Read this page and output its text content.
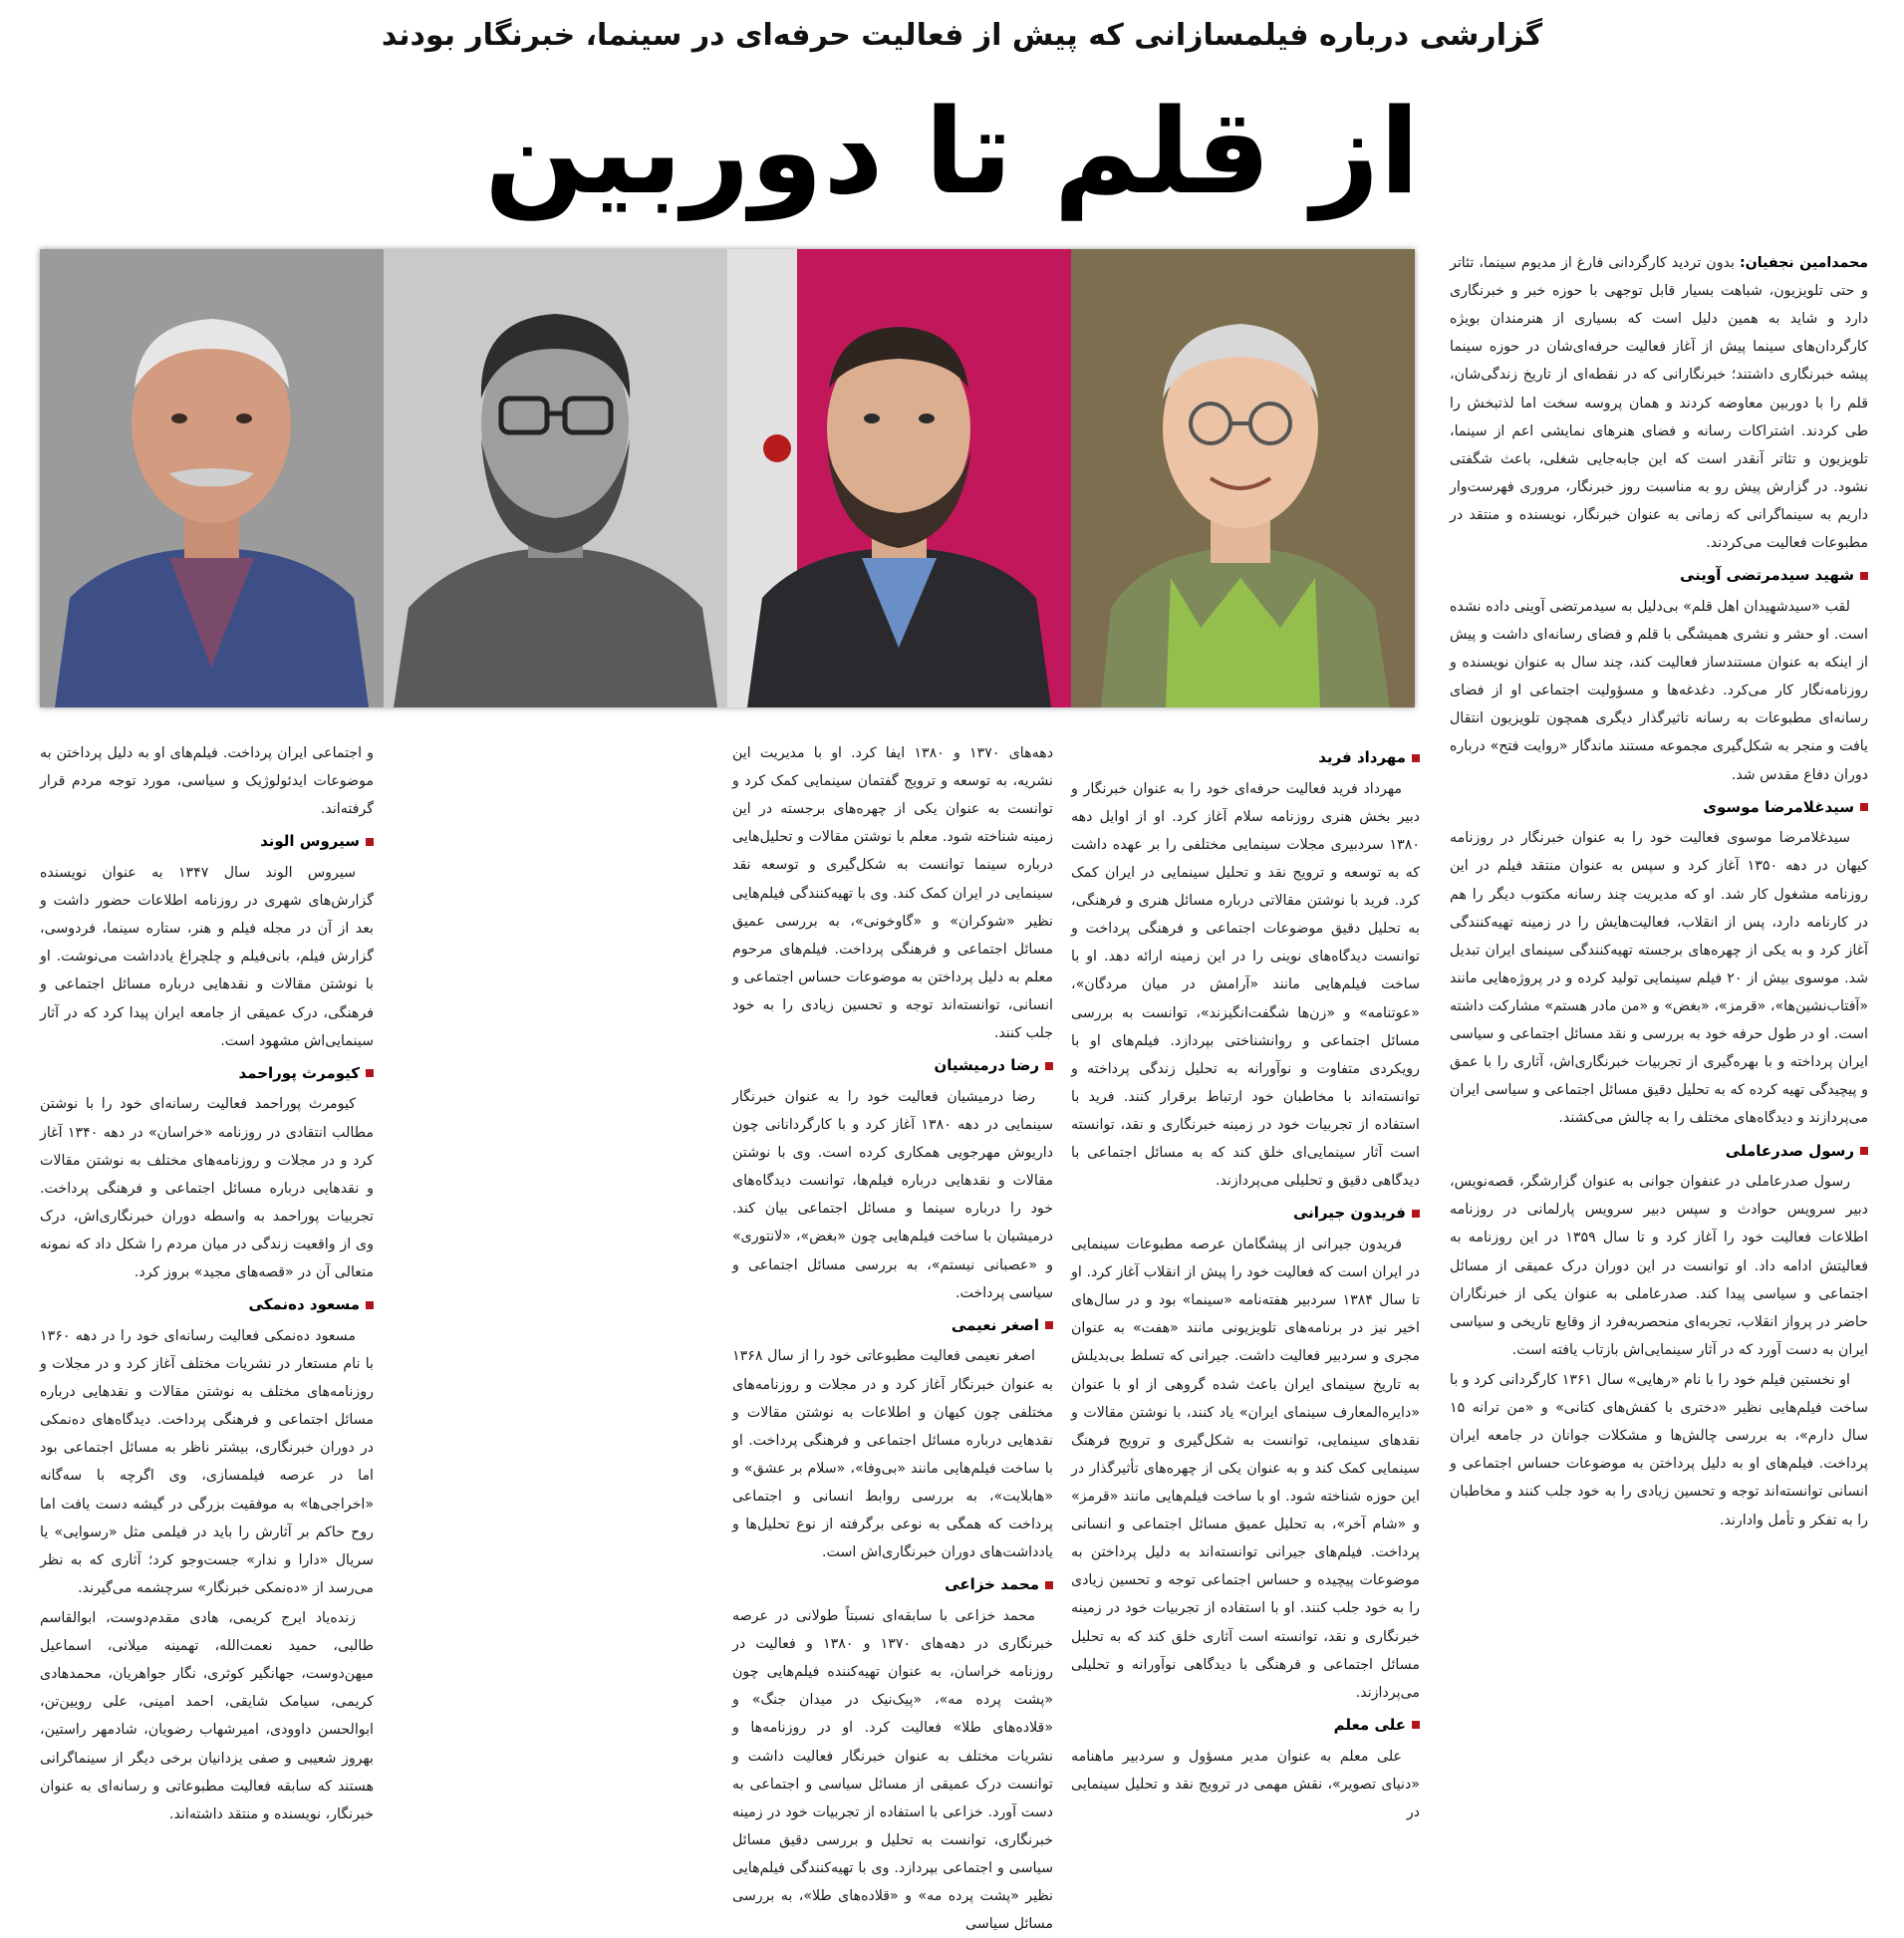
گزارشی درباره فیلمسازانی که پیش از فعالیت حرفه‌ای در سینما، خبرنگار بودند
از قلم تا دوربین

محمدامین نجفیان: بدون تردید کارگردانی فارغ از مدیوم سینما، تئاتر و حتی تلویزیون، شباهت بسیار قابل توجهی با حوزه خبر و خبرنگاری دارد و شاید به همین دلیل است که بسیاری از هنرمندان بویژه کارگردان‌های سینما پیش از آغاز فعالیت حرفه‌ای‌شان در حوزه سینما پیشه خبرنگاری داشتند؛ خبرنگارانی که در نقطه‌ای از تاریخ زندگی‌شان، قلم را با دوربین معاوضه کردند و همان پروسه سخت اما لذتبخش را طی کردند. اشتراکات رسانه و فضای هنرهای نمایشی اعم از سینما، تلویزیون و تئاتر آنقدر است که این جابه‌جایی شغلی، باعث شگفتی نشود. در گزارش پیش رو به مناسبت روز خبرنگار، مروری فهرست‌وار داریم به سینماگرانی که زمانی به عنوان خبرنگار، نویسنده و منتقد در مطبوعات فعالیت می‌کردند.

شهید سیدمرتضی آوینی

لقب «سیدشهیدان اهل قلم» بی‌دلیل به سیدمرتضی آوینی داده نشده است. او حشر و نشری همیشگی با قلم و فضای رسانه‌ای داشت و پیش از اینکه به عنوان مستندساز فعالیت کند، چند سال به عنوان نویسنده و روزنامه‌نگار کار می‌کرد. دغدغه‌ها و مسؤولیت اجتماعی او از فضای رسانه‌ای مطبوعات به رسانه تاثیرگذار دیگری همچون تلویزیون انتقال یافت و منجر به شکل‌گیری مجموعه مستند ماندگار «روایت فتح» درباره دوران دفاع مقدس شد.

سیدغلامرضا موسوی

سیدغلامرضا موسوی فعالیت خود را به عنوان خبرنگار در روزنامه کیهان در دهه ۱۳۵۰ آغاز کرد و سپس به عنوان منتقد فیلم در این روزنامه مشغول کار شد. او که مدیریت چند رسانه مکتوب دیگر را هم در کارنامه دارد، پس از انقلاب، فعالیت‌هایش را در زمینه تهیه‌کنندگی آغاز کرد و به یکی از چهره‌های برجسته تهیه‌کنندگی سینمای ایران تبدیل شد. موسوی بیش از ۲۰ فیلم سینمایی تولید کرده و در پروژه‌هایی مانند «آفتاب‌نشین‌ها»، «قرمز»، «بغض» و «من مادر هستم» مشارکت داشته است. او در طول حرفه خود به بررسی و نقد مسائل اجتماعی و سیاسی ایران پرداخته و با بهره‌گیری از تجربیات خبرنگاری‌اش، آثاری را با عمق و پیچیدگی تهیه کرده که به تحلیل دقیق مسائل اجتماعی و سیاسی ایران می‌پردازند و دیدگاه‌های مختلف را به چالش می‌کشند.

رسول صدرعاملی

رسول صدرعاملی در عنفوان جوانی به عنوان گزارشگر، قصه‌نویس، دبیر سرویس حوادث و سپس دبیر سرویس پارلمانی در روزنامه اطلاعات فعالیت خود را آغاز کرد و تا سال ۱۳۵۹ در این روزنامه به فعالیتش ادامه داد. او توانست در این دوران درک عمیقی از مسائل اجتماعی و سیاسی پیدا کند. صدرعاملی به عنوان یکی از خبرنگاران حاضر در پرواز انقلاب، تجربه‌ای منحصربه‌فرد از وقایع تاریخی و سیاسی ایران به دست آورد که در آثار سینمایی‌اش بازتاب یافته است.

او نخستین فیلم خود را با نام «رهایی» سال ۱۳۶۱ کارگردانی کرد و با ساخت فیلم‌هایی نظیر «دختری با کفش‌های کتانی» و «من ترانه ۱۵ سال دارم»، به بررسی چالش‌ها و مشکلات جوانان در جامعه ایران پرداخت. فیلم‌های او به دلیل پرداختن به موضوعات حساس اجتماعی و انسانی توانسته‌اند توجه و تحسین زیادی را به خود جلب کنند و مخاطبان را به تفکر و تأمل وادارند.

مهرداد فرید

مهرداد فرید فعالیت حرفه‌ای خود را به عنوان خبرنگار و دبیر بخش هنری روزنامه سلام آغاز کرد. او از اوایل دهه ۱۳۸۰ سردبیری مجلات سینمایی مختلفی را بر عهده داشت که به توسعه و ترویج نقد و تحلیل سینمایی در ایران کمک کرد. فرید با نوشتن مقالاتی درباره مسائل هنری و فرهنگی، به تحلیل دقیق موضوعات اجتماعی و فرهنگی پرداخت و توانست دیدگاه‌های نوینی را در این زمینه ارائه دهد. او با ساخت فیلم‌هایی مانند «آرامش در میان مردگان»، «عوتنامه» و «زن‌ها شگفت‌انگیزند»، توانست به بررسی مسائل اجتماعی و روانشناختی بپردازد. فیلم‌های او با رویکردی متفاوت و نوآورانه به تحلیل زندگی پرداخته و توانسته‌اند با مخاطبان خود ارتباط برقرار کنند. فرید با استفاده از تجربیات خود در زمینه خبرنگاری و نقد، توانسته است آثار سینمایی‌ای خلق کند که به مسائل اجتماعی با دیدگاهی دقیق و تحلیلی می‌پردازند.

فریدون جیرانی

فریدون جیرانی از پیشگامان عرصه مطبوعات سینمایی در ایران است که فعالیت خود را پیش از انقلاب آغاز کرد. او تا سال ۱۳۸۴ سردبیر هفته‌نامه «سینما» بود و در سال‌های اخیر نیز در برنامه‌های تلویزیونی مانند «هفت» به عنوان مجری و سردبیر فعالیت داشت. جیرانی که تسلط بی‌بدیلش به تاریخ سینمای ایران باعث شده گروهی از او با عنوان «دایره‌المعارف سینمای ایران» یاد کنند، با نوشتن مقالات و نقدهای سینمایی، توانست به شکل‌گیری و ترویج فرهنگ سینمایی کمک کند و به عنوان یکی از چهره‌های تأثیرگذار در این حوزه شناخته شود. او با ساخت فیلم‌هایی مانند «قرمز» و «شام آخر»، به تحلیل عمیق مسائل اجتماعی و انسانی پرداخت. فیلم‌های جیرانی توانسته‌اند به دلیل پرداختن به موضوعات پیچیده و حساس اجتماعی توجه و تحسین زیادی را به خود جلب کنند. او با استفاده از تجربیات خود در زمینه خبرنگاری و نقد، توانسته است آثاری خلق کند که به تحلیل مسائل اجتماعی و فرهنگی با دیدگاهی نوآورانه و تحلیلی می‌پردازند.

علی معلم

علی معلم به عنوان مدیر مسؤول و سردبیر ماهنامه «دنیای تصویر»، نقش مهمی در ترویج نقد و تحلیل سینمایی در

دهه‌های ۱۳۷۰ و ۱۳۸۰ ایفا کرد. او با مدیریت این نشریه، به توسعه و ترویج گفتمان سینمایی کمک کرد و توانست به عنوان یکی از چهره‌های برجسته در این زمینه شناخته شود. معلم با نوشتن مقالات و تحلیل‌هایی درباره سینما توانست به شکل‌گیری و توسعه نقد سینمایی در ایران کمک کند. وی با تهیه‌کنندگی فیلم‌هایی نظیر «شوکران» و «گاوخونی»، به بررسی عمیق مسائل اجتماعی و فرهنگی پرداخت. فیلم‌های مرحوم معلم به دلیل پرداختن به موضوعات حساس اجتماعی و انسانی، توانسته‌اند توجه و تحسین زیادی را به خود جلب کنند.

رضا درمیشیان

رضا درمیشیان فعالیت خود را به عنوان خبرنگار سینمایی در دهه ۱۳۸۰ آغاز کرد و با کارگردانانی چون داریوش مهرجویی همکاری کرده است. وی با نوشتن مقالات و نقدهایی درباره فیلم‌ها، توانست دیدگاه‌های خود را درباره سینما و مسائل اجتماعی بیان کند. درمیشیان با ساخت فیلم‌هایی چون «بغض»، «لانتوری» و «عصبانی نیستم»، به بررسی مسائل اجتماعی و سیاسی پرداخت.

اصغر نعیمی

اصغر نعیمی فعالیت مطبوعاتی خود را از سال ۱۳۶۸ به عنوان خبرنگار آغاز کرد و در مجلات و روزنامه‌های مختلفی چون کیهان و اطلاعات به نوشتن مقالات و نقدهایی درباره مسائل اجتماعی و فرهنگی پرداخت. او با ساخت فیلم‌هایی مانند «بی‌وفا»، «سلام بر عشق» و «هابلایت»، به بررسی روابط انسانی و اجتماعی پرداخت که همگی به نوعی برگرفته از نوع تحلیل‌ها و یادداشت‌های دوران خبرنگاری‌اش است.

محمد خزاعی

محمد خزاعی با سابقه‌ای نسبتاً طولانی در عرصه خبرنگاری در دهه‌های ۱۳۷۰ و ۱۳۸۰ و فعالیت در روزنامه خراسان، به عنوان تهیه‌کننده فیلم‌هایی چون «پشت پرده مه»، «پیک‌نیک در میدان جنگ» و «قلاده‌های طلا» فعالیت کرد. او در روزنامه‌ها و نشریات مختلف به عنوان خبرنگار فعالیت داشت و توانست درک عمیقی از مسائل سیاسی و اجتماعی به دست آورد. خزاعی با استفاده از تجربیات خود در زمینه خبرنگاری، توانست به تحلیل و بررسی دقیق مسائل سیاسی و اجتماعی بپردازد. وی با تهیه‌کنندگی فیلم‌هایی نظیر «پشت پرده مه» و «قلاده‌های طلا»، به بررسی مسائل سیاسی

و اجتماعی ایران پرداخت. فیلم‌های او به دلیل پرداختن به موضوعات ایدئولوژیک و سیاسی، مورد توجه مردم قرار گرفته‌اند.

سیروس الوند

سیروس الوند سال ۱۳۴۷ به عنوان نویسنده گزارش‌های شهری در روزنامه اطلاعات حضور داشت و بعد از آن در مجله فیلم و هنر، ستاره سینما، فردوسی، گزارش فیلم، بانی‌فیلم و چلچراغ یادداشت می‌نوشت. او با نوشتن مقالات و نقدهایی درباره مسائل اجتماعی و فرهنگی، درک عمیقی از جامعه ایران پیدا کرد که در آثار سینمایی‌اش مشهود است.

کیومرث پوراحمد

کیومرث پوراحمد فعالیت رسانه‌ای خود را با نوشتن مطالب انتقادی در روزنامه «خراسان» در دهه ۱۳۴۰ آغاز کرد و در مجلات و روزنامه‌های مختلف به نوشتن مقالات و نقدهایی درباره مسائل اجتماعی و فرهنگی پرداخت. تجربیات پوراحمد به واسطه دوران خبرنگاری‌اش، درک وی از واقعیت زندگی در میان مردم را شکل داد که نمونه متعالی آن در «قصه‌های مجید» بروز کرد.

مسعود ده‌نمکی

مسعود ده‌نمکی فعالیت رسانه‌ای خود را در دهه ۱۳۶۰ با نام مستعار در نشریات مختلف آغاز کرد و در مجلات و روزنامه‌های مختلف به نوشتن مقالات و نقدهایی درباره مسائل اجتماعی و فرهنگی پرداخت. دیدگاه‌های ده‌نمکی در دوران خبرنگاری، بیشتر ناظر به مسائل اجتماعی بود اما در عرصه فیلمسازی، وی اگرچه با سه‌گانه «اخراجی‌ها» به موفقیت بزرگی در گیشه دست یافت اما روح حاکم بر آثارش را باید در فیلمی مثل «رسوایی» یا سریال «دارا و ندار» جست‌وجو کرد؛ آثاری که به نظر می‌رسد از «ده‌نمکی خبرنگار» سرچشمه می‌گیرند.

زنده‌یاد ایرج کریمی، هادی مقدم‌دوست، ابوالقاسم طالبی، حمید نعمت‌الله، تهمینه میلانی، اسماعیل میهن‌دوست، جهانگیر کوثری، نگار جواهریان، محمدهادی کریمی، سیامک شایقی، احمد امینی، علی رویین‌تن، ابوالحسن داوودی، امیرشهاب رضویان، شادمهر راستین، بهروز شعیبی و صفی یزدانیان برخی دیگر از سینماگرانی هستند که سابقه فعالیت مطبوعاتی و رسانه‌ای به عنوان خبرنگار، نویسنده و منتقد داشته‌اند.
